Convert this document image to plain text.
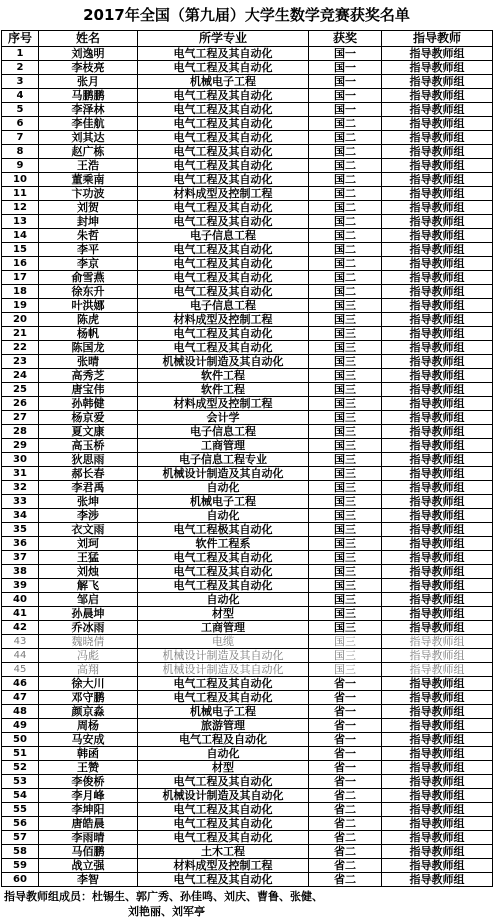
2017年全国（第九届）大学生数学竞赛获奖名单
序号	姓名	所学专业	获奖	指导教师
1	刘逸明	电气工程及其自动化	国一	指导教师组
2	李枝亮	电气工程及其自动化	国一	指导教师组
3	张月	机械电子工程	国一	指导教师组
4	马鹏鹏	电气工程及其自动化	国一	指导教师组
5	李泽林	电气工程及其自动化	国一	指导教师组
6	李佳航	电气工程及其自动化	国二	指导教师组
7	刘其达	电气工程及其自动化	国二	指导教师组
8	赵广栋	电气工程及其自动化	国二	指导教师组
9	王浩	电气工程及其自动化	国二	指导教师组
10	董乘南	电气工程及其自动化	国二	指导教师组
11	卞功波	材料成型及控制工程	国二	指导教师组
12	刘贺	电气工程及其自动化	国二	指导教师组
13	封坤	电气工程及其自动化	国二	指导教师组
14	朱哲	电子信息工程	国二	指导教师组
15	李平	电气工程及其自动化	国二	指导教师组
16	李京	电气工程及其自动化	国二	指导教师组
17	俞雪燕	电气工程及其自动化	国二	指导教师组
18	徐东升	电气工程及其自动化	国二	指导教师组
19	叶洪娜	电子信息工程	国三	指导教师组
20	陈虎	材料成型及控制工程	国三	指导教师组
21	杨帆	电气工程及其自动化	国三	指导教师组
22	陈国龙	电气工程及其自动化	国三	指导教师组
23	张晴	机械设计制造及其自动化	国三	指导教师组
24	高秀芝	软件工程	国三	指导教师组
25	唐宝伟	软件工程	国三	指导教师组
26	孙韩健	材料成型及控制工程	国三	指导教师组
27	杨京爱	会计学	国三	指导教师组
28	夏文康	电子信息工程	国三	指导教师组
29	高玉桥	工商管理	国三	指导教师组
30	狄思雨	电子信息工程专业	国三	指导教师组
31	郝长春	机械设计制造及其自动化	国三	指导教师组
32	李君禹	自动化	国三	指导教师组
33	张坤	机械电子工程	国三	指导教师组
34	李涉	自动化	国三	指导教师组
35	衣文雨	电气工程极其自动化	国三	指导教师组
36	刘珂	软件工程系	国三	指导教师组
37	王猛	电气工程及其自动化	国三	指导教师组
38	刘烛	电气工程及其自动化	国三	指导教师组
39	解飞	电气工程及其自动化	国三	指导教师组
40	邹启	自动化	国三	指导教师组
41	孙晨坤	材型	国三	指导教师组
42	乔冰雨	工商管理	国三	指导教师组
43	魏晓倩	电缆	国三	指导教师组
44	冯彪	机械设计制造及其自动化	国三	指导教师组
45	高翔	机械设计制造及其自动化	国三	指导教师组
46	徐大川	电气工程及其自动化	省一	指导教师组
47	邓守鹏	电气工程及其自动化	省一	指导教师组
48	颜京淼	机械电子工程	省一	指导教师组
49	周杨	旅游管理	省一	指导教师组
50	马安成	电气工程及自动化	省一	指导教师组
51	韩函	自动化	省一	指导教师组
52	王赞	材型	省一	指导教师组
53	李俊桥	电气工程及其自动化	省一	指导教师组
54	李月峰	机械设计制造及其自动化	省二	指导教师组
55	李坤阳	电气工程及其自动化	省二	指导教师组
56	唐皓晨	电气工程及其自动化	省二	指导教师组
57	李雨晴	电气工程及其自动化	省二	指导教师组
58	马佰鹏	土木工程	省二	指导教师组
59	战立强	材料成型及控制工程	省二	指导教师组
60	李智	电气工程及其自动化	省二	指导教师组
指导教师组成员：杜锡生、郭广秀、孙佳鸣、刘庆、曹鲁、张健、
刘艳丽、刘军亭
